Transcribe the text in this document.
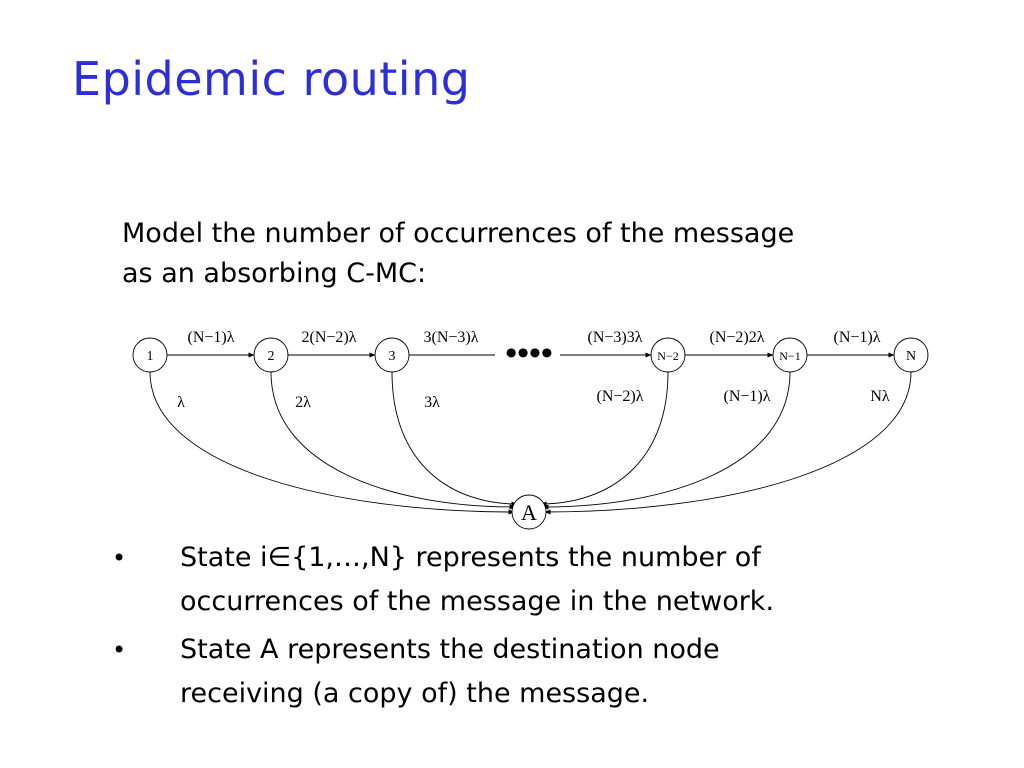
Epidemic routing
Model the number of occurrences of the message
as an absorbing C-MC:
••••
1	2	3	N−2	N−1	N
A
(N−1)λ	2(N−2)λ	3(N−3)λ	(N−3)3λ	(N−2)2λ	(N−1)λ
λ	2λ	3λ	(N−2)λ	(N−1)λ	Nλ
• State i∈{1,…,N} represents the number of
occurrences of the message in the network.
• State A represents the destination node
receiving (a copy of) the message.
